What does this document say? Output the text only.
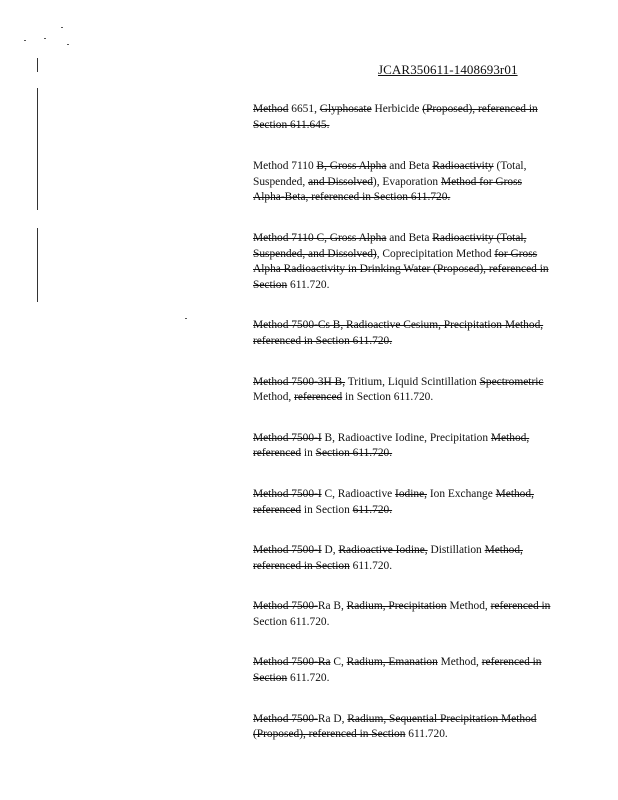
JCAR350611-1408693r01
Method 6651, Glyphosate Herbicide (Proposed), referenced in Section 611.645.
Method 7110 B, Gross Alpha and Beta Radioactivity (Total, Suspended, and Dissolved), Evaporation Method for Gross Alpha-Beta, referenced in Section 611.720.
Method 7110 C, Gross Alpha and Beta Radioactivity (Total, Suspended, and Dissolved), Coprecipitation Method for Gross Alpha Radioactivity in Drinking Water (Proposed), referenced in Section 611.720.
Method 7500-Cs B, Radioactive Cesium, Precipitation Method, referenced in Section 611.720.
Method 7500-3H B, Tritium, Liquid Scintillation Spectrometric Method, referenced in Section 611.720.
Method 7500-I B, Radioactive Iodine, Precipitation Method, referenced in Section 611.720.
Method 7500-I C, Radioactive Iodine, Ion Exchange Method, referenced in Section 611.720.
Method 7500-I D, Radioactive Iodine, Distillation Method, referenced in Section 611.720.
Method 7500-Ra B, Radium, Precipitation Method, referenced in Section 611.720.
Method 7500-Ra C, Radium, Emanation Method, referenced in Section 611.720.
Method 7500-Ra D, Radium, Sequential Precipitation Method (Proposed), referenced in Section 611.720.
